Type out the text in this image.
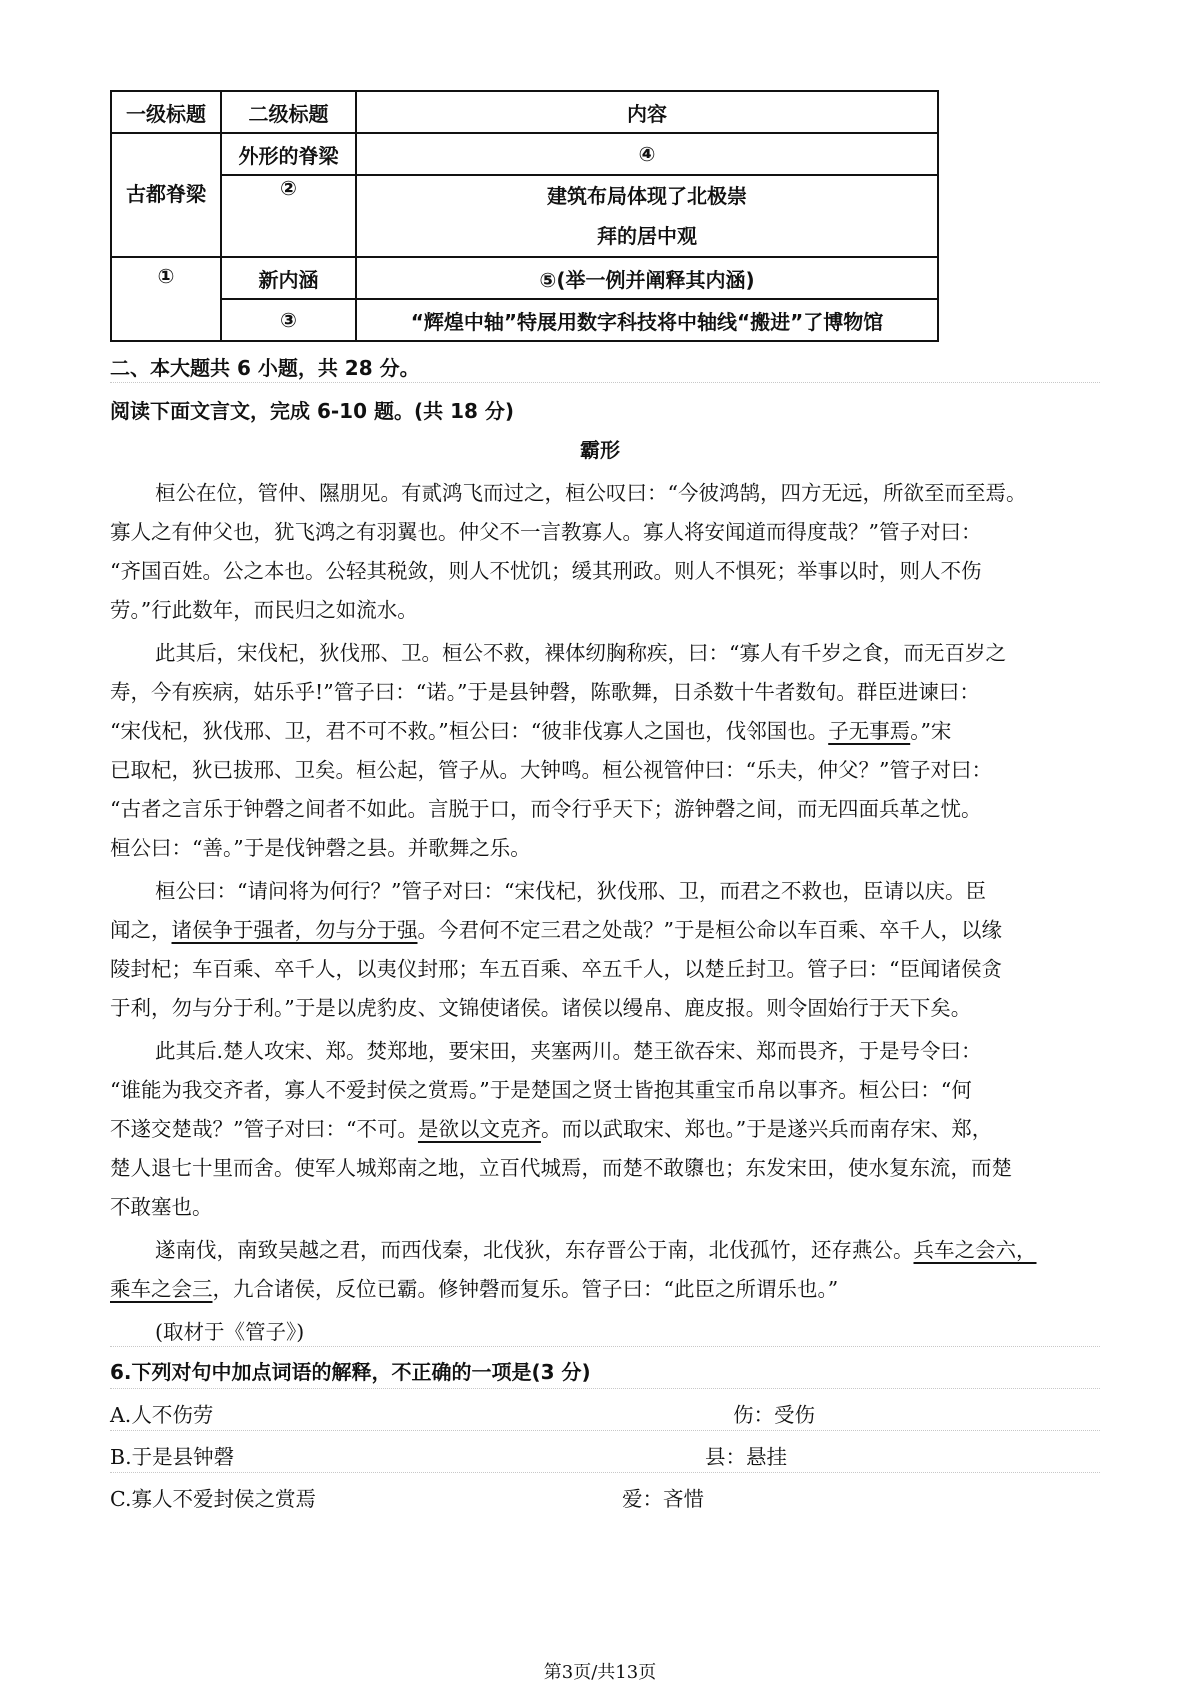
一级标题	二级标题	内容
古都脊梁	外形的脊梁	④
	②	建筑布局体现了北极崇
拜的居中观

①	新内涵	⑤(举一例并阐释其内涵)
	③	“辉煌中轴”特展用数字科技将中轴线“搬进”了博物馆
二、本大题共 6 小题，共 28 分。
阅读下面文言文，完成 6-10 题。(共 18 分)
霸形
桓公在位，管仲、隰朋见。有贰鸿飞而过之，桓公叹曰：“今彼鸿鹄，四方无远，所欲至而至焉。
寡人之有仲父也，犹飞鸿之有羽翼也。仲父不一言教寡人。寡人将安闻道而得度哉？”管子对曰：
“齐国百姓。公之本也。公轻其税敛，则人不忧饥；缓其刑政。则人不惧死；举事以时，则人不伤
劳。”行此数年，而民归之如流水。
此其后，宋伐杞，狄伐邢、卫。桓公不救，裸体纫胸称疾，曰：“寡人有千岁之食，而无百岁之
寿，今有疾病，姑乐乎!”管子曰：“诺。”于是县钟磬，陈歌舞，日杀数十牛者数旬。群臣进谏曰：
“宋伐杞，狄伐邢、卫，君不可不救。”桓公曰：“彼非伐寡人之国也，伐邻国也。子无事焉。”宋
已取杞，狄已拔邢、卫矣。桓公起，管子从。大钟鸣。桓公视管仲曰：“乐夫，仲父？”管子对曰：
“古者之言乐于钟磬之间者不如此。言脱于口，而令行乎天下；游钟磬之间，而无四面兵革之忧。
桓公曰：“善。”于是伐钟磬之县。并歌舞之乐。
桓公曰：“请问将为何行？”管子对曰：“宋伐杞，狄伐邢、卫，而君之不救也，臣请以庆。臣
闻之，诸侯争于强者，勿与分于强。今君何不定三君之处哉？”于是桓公命以车百乘、卒千人，以缘
陵封杞；车百乘、卒千人，以夷仪封邢；车五百乘、卒五千人，以楚丘封卫。管子曰：“臣闻诸侯贪
于利，勿与分于利。”于是以虎豹皮、文锦使诸侯。诸侯以缦帛、鹿皮报。则令固始行于天下矣。
此其后.楚人攻宋、郑。焚郑地，要宋田，夹塞两川。楚王欲吞宋、郑而畏齐，于是号令曰：
“谁能为我交齐者，寡人不爱封侯之赏焉。”于是楚国之贤士皆抱其重宝币帛以事齐。桓公曰：“何
不遂交楚哉？”管子对曰：“不可。是欲以文克齐。而以武取宋、郑也。”于是遂兴兵而南存宋、郑，
楚人退七十里而舍。使军人城郑南之地，立百代城焉，而楚不敢隳也；东发宋田，使水复东流，而楚
不敢塞也。
遂南伐，南致吴越之君，而西伐秦，北伐狄，东存晋公于南，北伐孤竹，还存燕公。兵车之会六，
乘车之会三，九合诸侯，反位已霸。修钟磬而复乐。管子曰：“此臣之所谓乐也。”
(取材于《管子》)
6.下列对句中加点词语的解释，不正确的一项是(3 分)
A.人不伤劳	伤：受伤
B.于是县钟磬	县：悬挂
C.寡人不爱封侯之赏焉	爱：吝惜
第3页/共13页
